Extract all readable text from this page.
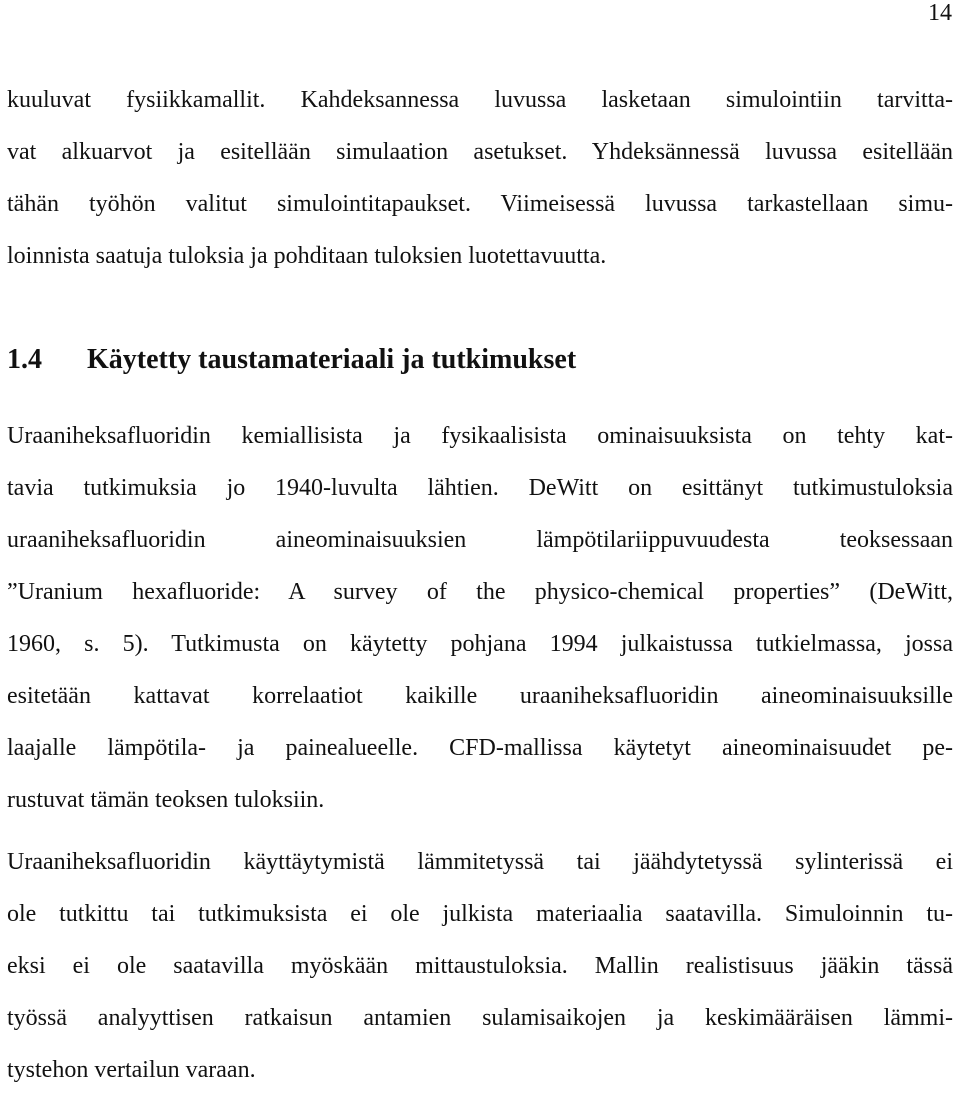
14
kuuluvat fysiikkamallit. Kahdeksannessa luvussa lasketaan simulointiin tarvitta-
vat alkuarvot ja esitellään simulaation asetukset. Yhdeksännessä luvussa esitellään
tähän työhön valitut simulointitapaukset. Viimeisessä luvussa tarkastellaan simu-
loinnista saatuja tuloksia ja pohditaan tuloksien luotettavuutta.
1.4 Käytetty taustamateriaali ja tutkimukset
Uraaniheksafluoridin kemiallisista ja fysikaalisista ominaisuuksista on tehty kat-
tavia tutkimuksia jo 1940-luvulta lähtien. DeWitt on esittänyt tutkimustuloksia
uraaniheksafluoridin aineominaisuuksien lämpötilariippuvuudesta teoksessaan
”Uranium hexafluoride: A survey of the physico-chemical properties” (DeWitt,
1960, s. 5). Tutkimusta on käytetty pohjana 1994 julkaistussa tutkielmassa, jossa
esitetään kattavat korrelaatiot kaikille uraaniheksafluoridin aineominaisuuksille
laajalle lämpötila- ja painealueelle. CFD-mallissa käytetyt aineominaisuudet pe-
rustuvat tämän teoksen tuloksiin.
Uraaniheksafluoridin käyttäytymistä lämmitetyssä tai jäähdytetyssä sylinterissä ei
ole tutkittu tai tutkimuksista ei ole julkista materiaalia saatavilla. Simuloinnin tu-
eksi ei ole saatavilla myöskään mittaustuloksia. Mallin realistisuus jääkin tässä
työssä analyyttisen ratkaisun antamien sulamisaikojen ja keskimääräisen lämmi-
tystehon vertailun varaan.
